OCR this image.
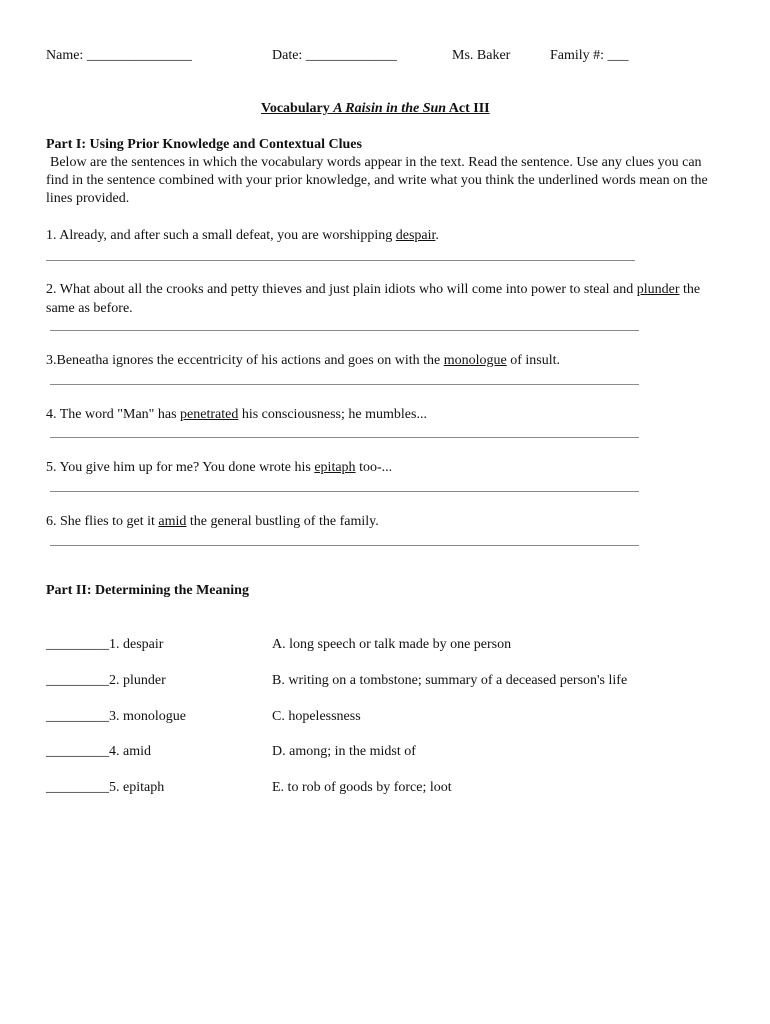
Name: _______________	Date: _____________	Ms. Baker	Family #: ___
Vocabulary A Raisin in the Sun Act III
Part I: Using Prior Knowledge and Contextual Clues
Below are the sentences in which the vocabulary words appear in the text. Read the sentence. Use any clues you can find in the sentence combined with your prior knowledge, and write what you think the underlined words mean on the lines provided.
1. Already, and after such a small defeat, you are worshipping despair.
2. What about all the crooks and petty thieves and just plain idiots who will come into power to steal and plunder the same as before.
3.Beneatha ignores the eccentricity of his actions and goes on with the monologue of insult.
4. The word "Man" has penetrated his consciousness; he mumbles...
5. You give him up for me? You done wrote his epitaph too-...
6. She flies to get it amid the general bustling of the family.
Part II: Determining the Meaning
_________1. despair	A. long speech or talk made by one person
_________2. plunder	B. writing on a tombstone; summary of a deceased person's life
_________3. monologue	C. hopelessness
_________4. amid	D. among; in the midst of
_________5. epitaph	E. to rob of goods by force; loot
